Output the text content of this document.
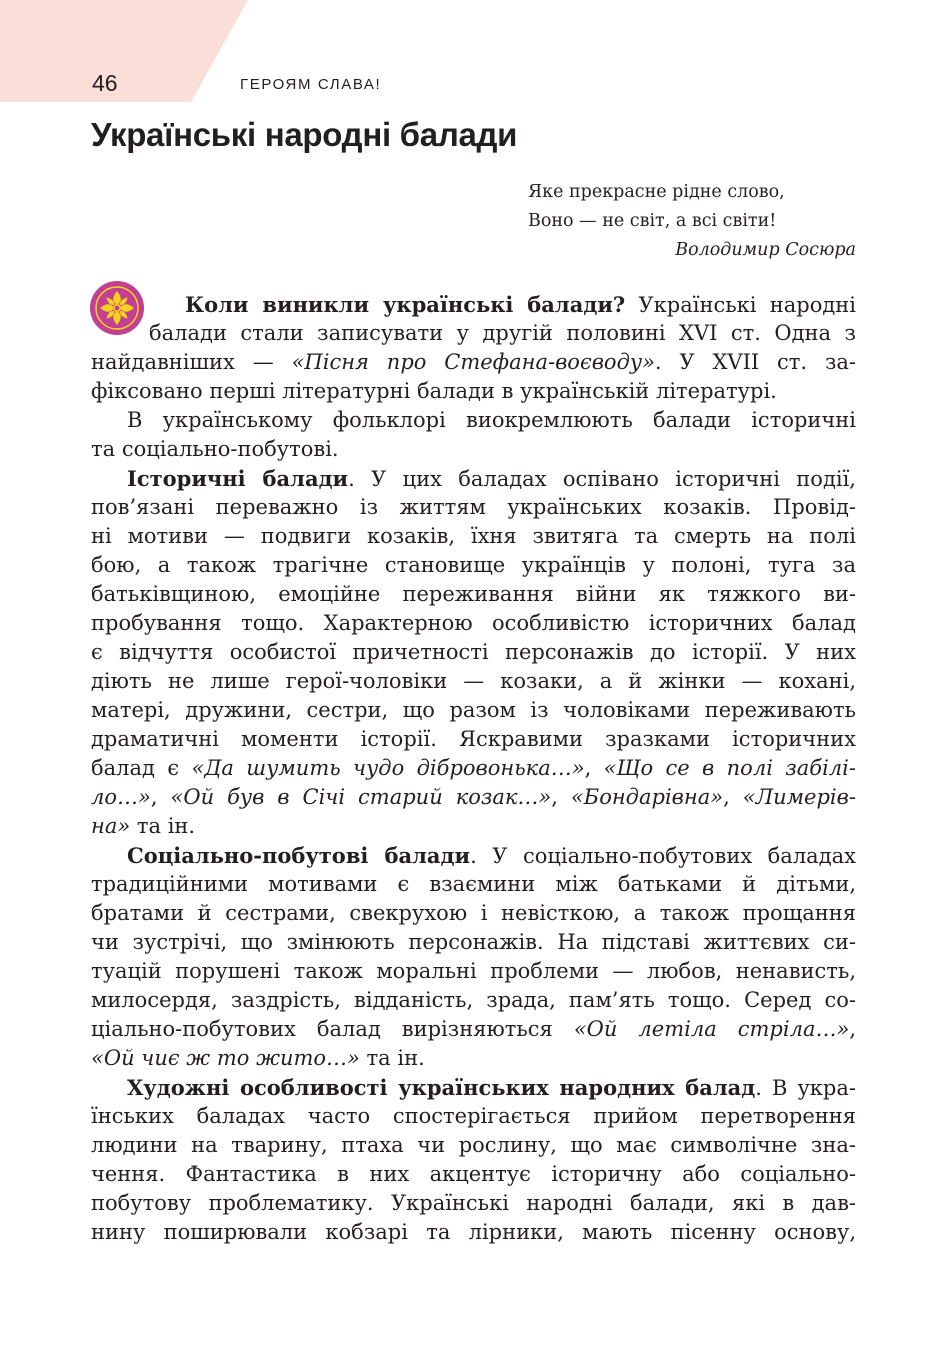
46	ГЕРОЯМ СЛАВА!
Українські народні балади
Яке прекрасне рідне слово,
Воно — не світ, а всі світи!
Володимир Сосюра
Коли виникли українські балади? Українські народні
балади стали записувати у другій половині XVI ст. Одна з
найдавніших — «Пісня про Стефана-воєводу». У XVII ст. за-
фіксовано перші літературні балади в українській літературі.
В українському фольклорі виокремлюють балади історичні
та соціально-побутові.
Історичні балади. У цих баладах оспівано історичні події,
пов’язані переважно із життям українських козаків. Провід-
ні мотиви — подвиги козаків, їхня звитяга та смерть на полі
бою, а також трагічне становище українців у полоні, туга за
батьківщиною, емоційне переживання війни як тяжкого ви-
пробування тощо. Характерною особливістю історичних балад
є відчуття особистої причетності персонажів до історії. У них
діють не лише герої-чоловіки — козаки, а й жінки — кохані,
матері, дружини, сестри, що разом із чоловіками переживають
драматичні моменти історії. Яскравими зразками історичних
балад є «Да шумить чудо дібровонька…», «Що се в полі забілі-
ло…», «Ой був в Січі старий козак…», «Бондарівна», «Лимерів-
на» та ін.
Соціально-побутові балади. У соціально-побутових баладах
традиційними мотивами є взаємини між батьками й дітьми,
братами й сестрами, свекрухою і невісткою, а також прощання
чи зустрічі, що змінюють персонажів. На підставі життєвих си-
туацій порушені також моральні проблеми — любов, ненависть,
милосердя, заздрість, відданість, зрада, пам’ять тощо. Серед со-
ціально-побутових балад вирізняються «Ой летіла стріла…»,
«Ой чиє ж то жито…» та ін.
Художні особливості українських народних балад. В укра-
їнських баладах часто спостерігається прийом перетворення
людини на тварину, птаха чи рослину, що має символічне зна-
чення. Фантастика в них акцентує історичну або соціально-
побутову проблематику. Українські народні балади, які в дав-
нину поширювали кобзарі та лірники, мають пісенну основу,
